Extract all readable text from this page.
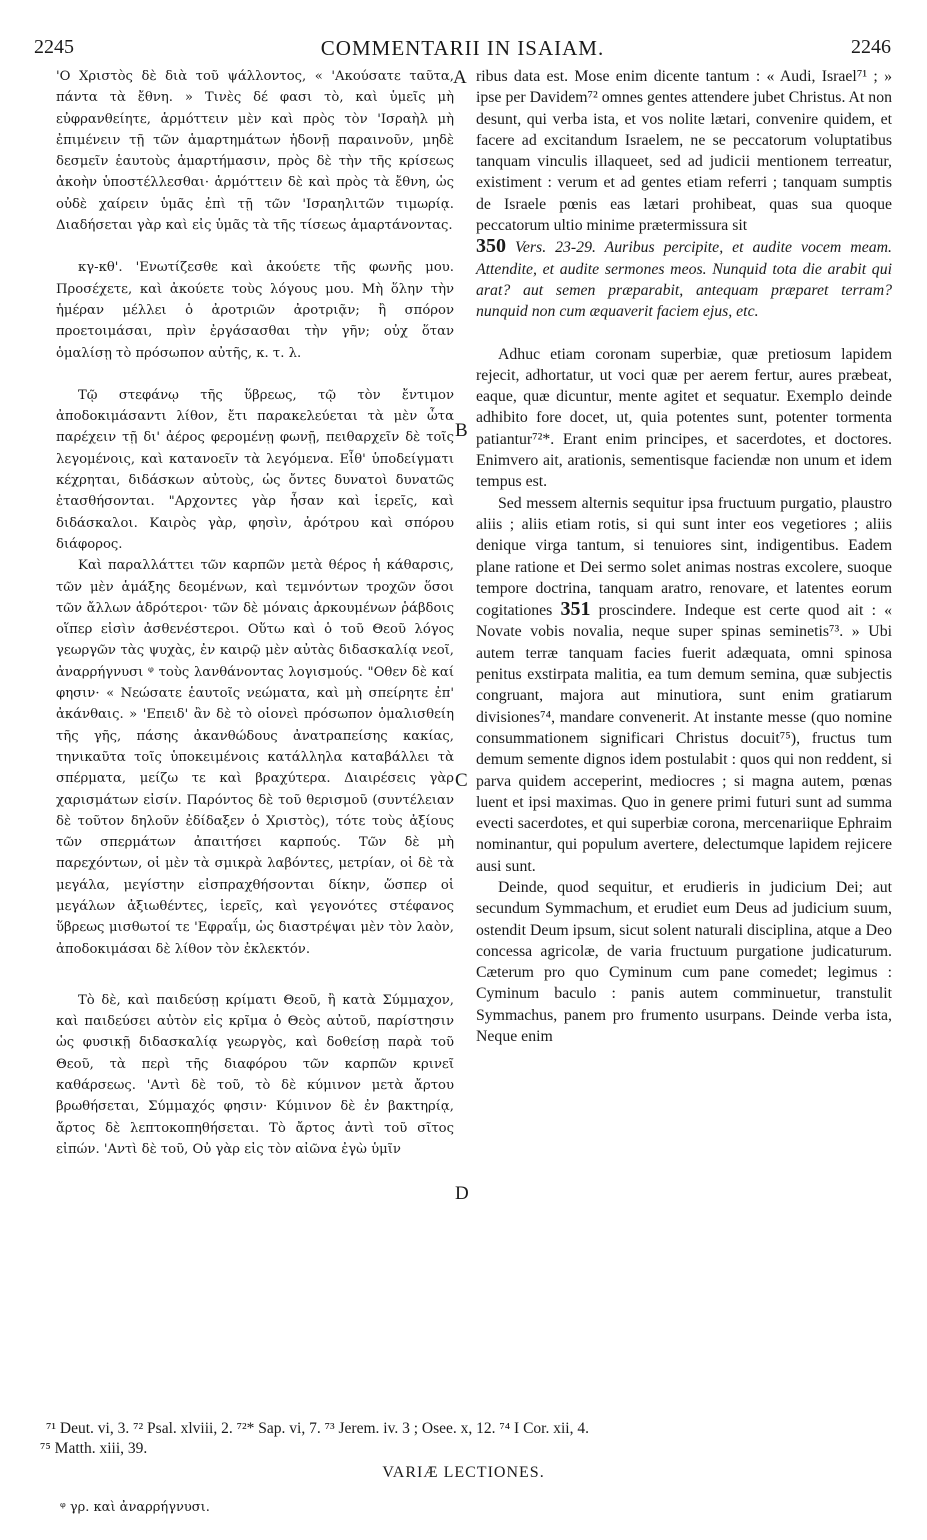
2245	COMMENTARII IN ISAIAM.	2246

'Ο Χριστὸς δὲ διὰ τοῦ ψάλλοντος, « 'Ακούσατε ταῦτα, πάντα τὰ ἔθνη. » Τινὲς δέ φασι τὸ, καὶ ὑμεῖς μὴ εὐφρανθείητε, ἁρμόττειν μὲν καὶ πρὸς τὸν 'Ισραὴλ μὴ ἐπιμένειν τῇ τῶν ἁμαρτημάτων ἡδονῇ παραινοῦν, μηδὲ δεσμεῖν ἑαυτοὺς ἁμαρτήμασιν, πρὸς δὲ τὴν τῆς κρίσεως ἀκοὴν ὑποστέλλεσθαι· ἁρμόττειν δὲ καὶ πρὸς τὰ ἔθνη, ὡς οὐδὲ χαίρειν ὑμᾶς ἐπὶ τῇ τῶν 'Ισραηλιτῶν τιμωρίᾳ. Διαδήσεται γὰρ καὶ εἰς ὑμᾶς τὰ τῆς τίσεως ἁμαρτάνοντας.

κγ-κθ'. 'Ενωτίζεσθε καὶ ἀκούετε τῆς φωνῆς μου. Προσέχετε, καὶ ἀκούετε τοὺς λόγους μου. Μὴ ὅλην τὴν ἡμέραν μέλλει ὁ ἀροτριῶν ἀροτριᾷν; ἢ σπόρον προετοιμάσαι, πρὶν ἐργάσασθαι τὴν γῆν; οὐχ ὅταν ὁμαλίσῃ τὸ πρόσωπον αὐτῆς, κ. τ. λ.

Τῷ στεφάνῳ τῆς ὕβρεως, τῷ τὸν ἔντιμον ἀποδοκιμάσαντι λίθον, ἔτι παρακελεύεται τὰ μὲν ὦτα παρέχειν τῇ δι' ἀέρος φερομένῃ φωνῇ, πειθαρχεῖν δὲ τοῖς λεγομένοις, καὶ κατανοεῖν τὰ λεγόμενα. Εἶθ' ὑποδείγματι κέχρηται, διδάσκων αὐτοὺς, ὡς ὄντες δυνατοὶ δυνατῶς ἐτασθήσονται. "Αρχοντες γὰρ ἦσαν καὶ ἱερεῖς, καὶ διδάσκαλοι. Καιρὸς γὰρ, φησὶν, ἀρότρου καὶ σπόρου διάφορος.

Καὶ παραλλάττει τῶν καρπῶν μετὰ θέρος ἡ κάθαρσις, τῶν μὲν ἁμάξης δεομένων, καὶ τεμνόντων τροχῶν ὅσοι τῶν ἄλλων ἁδρότεροι· τῶν δὲ μόναις ἀρκουμένων ῥάβδοις οἵπερ εἰσὶν ἀσθενέστεροι. Οὕτω καὶ ὁ τοῦ Θεοῦ λόγος γεωργῶν τὰς ψυχὰς, ἐν καιρῷ μὲν αὐτὰς διδασκαλίᾳ νεοῖ, ἀναρρήγνυσι ᵠ τοὺς λανθάνοντας λογισμούς. "Οθεν δὲ καί φησιν· « Νεώσατε ἑαυτοῖς νεώματα, καὶ μὴ σπείρητε ἐπ' ἀκάνθαις. » 'Επειδ' ἂν δὲ τὸ οἱονεὶ πρόσωπον ὁμαλισθείη τῆς γῆς, πάσης ἀκανθώδους ἀνατραπείσης κακίας, τηνικαῦτα τοῖς ὑποκειμένοις κατάλληλα καταβάλλει τὰ σπέρματα, μείζω τε καὶ βραχύτερα. Διαιρέσεις γὰρ χαρισμάτων εἰσίν. Παρόντος δὲ τοῦ θερισμοῦ (συντέλειαν δὲ τοῦτον δηλοῦν ἐδίδαξεν ὁ Χριστὸς), τότε τοὺς ἀξίους τῶν σπερμάτων ἀπαιτήσει καρπούς. Τῶν δὲ μὴ παρεχόντων, οἱ μὲν τὰ σμικρὰ λαβόντες, μετρίαν, οἱ δὲ τὰ μεγάλα, μεγίστην εἰσπραχθήσονται δίκην, ὥσπερ οἱ μεγάλων ἀξιωθέντες, ἱερεῖς, καὶ γεγονότες στέφανος ὕβρεως μισθωτοί τε 'Εφραΐμ, ὡς διαστρέψαι μὲν τὸν λαὸν, ἀποδοκιμάσαι δὲ λίθον τὸν ἐκλεκτόν.

Τὸ δὲ, καὶ παιδεύσῃ κρίματι Θεοῦ, ἢ κατὰ Σύμμαχον, καὶ παιδεύσει αὐτὸν εἰς κρῖμα ὁ Θεὸς αὐτοῦ, παρίστησιν ὡς φυσικῇ διδασκαλίᾳ γεωργὸς, καὶ δοθείσῃ παρὰ τοῦ Θεοῦ, τὰ περὶ τῆς διαφόρου τῶν καρπῶν κρινεῖ καθάρσεως. 'Αντὶ δὲ τοῦ, τὸ δὲ κύμινον μετὰ ἄρτου βρωθήσεται, Σύμμαχός φησιν· Κύμινον δὲ ἐν βακτηρίᾳ, ἄρτος δὲ λεπτοκοπηθήσεται. Τὸ ἄρτος ἀντὶ τοῦ σῖτος εἰπών. 'Αντὶ δὲ τοῦ, Οὐ γὰρ εἰς τὸν αἰῶνα ἐγὼ ὑμῖν

A
B
C
D

ribus data est. Mose enim dicente tantum : « Audi, Israel⁷¹ ; » ipse per Davidem⁷² omnes gentes attendere jubet Christus. At non desunt, qui verba ista, et vos nolite lætari, convenire quidem, et facere ad excitandum Israelem, ne se peccatorum voluptatibus tanquam vinculis illaqueet, sed ad judicii mentionem terreatur, existiment : verum et ad gentes etiam referri ; tanquam sumptis de Israele pœnis eas lætari prohibeat, quas sua quoque peccatorum ultio minime prætermissura sit

350 Vers. 23-29. Auribus percipite, et audite vocem meam. Attendite, et audite sermones meos. Nunquid tota die arabit qui arat? aut semen præparabit, antequam præparet terram? nunquid non cum æquaverit faciem ejus, etc.

Adhuc etiam coronam superbiæ, quæ pretiosum lapidem rejecit, adhortatur, ut voci quæ per aerem fertur, aures præbeat, eaque, quæ dicuntur, mente agitet et sequatur. Exemplo deinde adhibito fore docet, ut, quia potentes sunt, potenter tormenta patiantur⁷²*. Erant enim principes, et sacerdotes, et doctores. Enimvero ait, arationis, sementisque faciendæ non unum et idem tempus est.

Sed messem alternis sequitur ipsa fructuum purgatio, plaustro aliis ; aliis etiam rotis, si qui sunt inter eos vegetiores ; aliis denique virga tantum, si tenuiores sint, indigentibus. Eadem plane ratione et Dei sermo solet animas nostras excolere, suoque tempore doctrina, tanquam aratro, renovare, et latentes eorum cogitationes 351 proscindere. Indeque est certe quod ait : « Novate vobis novalia, neque super spinas seminetis⁷³. » Ubi autem terræ tanquam facies fuerit adæquata, omni spinosa penitus exstirpata malitia, ea tum demum semina, quæ subjectis congruant, majora aut minutiora, sunt enim gratiarum divisiones⁷⁴, mandare convenerit. At instante messe (quo nomine consummationem significari Christus docuit⁷⁵), fructus tum demum semente dignos idem postulabit : quos qui non reddent, si parva quidem acceperint, mediocres ; si magna autem, pœnas luent et ipsi maximas. Quo in genere primi futuri sunt ad summa evecti sacerdotes, et qui superbiæ corona, mercenariique Ephraim nominantur, qui populum avertere, delectumque lapidem rejicere ausi sunt.

Deinde, quod sequitur, et erudieris in judicium Dei; aut secundum Symmachum, et erudiet eum Deus ad judicium suum, ostendit Deum ipsum, sicut solent naturali disciplina, atque a Deo concessa agricolæ, de varia fructuum purgatione judicaturum. Cæterum pro quo Cyminum cum pane comedet; legimus : Cyminum baculo : panis autem comminuetur, transtulit Symmachus, panem pro frumento usurpans. Deinde verba ista, Neque enim

⁷¹ Deut. vi, 3. ⁷² Psal. xlviii, 2. ⁷²* Sap. vi, 7. ⁷³ Jerem. iv. 3 ; Osee. x, 12. ⁷⁴ I Cor. xii, 4.
⁷⁵ Matth. xiii, 39.
VARIÆ LECTIONES.
ᵠ γρ. καὶ ἀναρρήγνυσι.
